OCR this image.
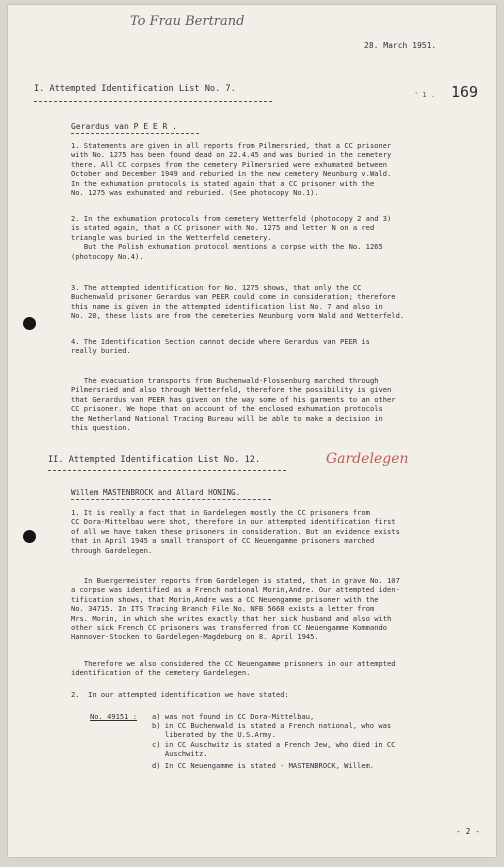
To Frau Bertrand
28. March 1951.
I. Attempted Identification List No. 7.
' 1 . 169
Gerardus van P E E R .
1. Statements are given in all reports from Pilmersried, that a CC prisoner
with No. 1275 has been found dead on 22.4.45 and was buried in the cemetery
there. All CC corpses from the cemetery Pilmersried were exhumated between
October and December 1949 and reburied in the new cemetery Neunburg v.Wald.
In the exhumation protocols is stated again that a CC prisoner with the
No. 1275 was exhumated and reburied. (See photocopy No.1).
2. In the exhumation protocols from cemetery Wetterfeld (photocopy 2 and 3)
is stated again, that a CC prisoner with No. 1275 and letter N on a red
triangle was buried in the Wetterfeld cemetery.
But the Polish exhumation protocol mentions a corpse with the No. 1265
(photocopy No.4).
3. The attempted identification for No. 1275 shows, that only the CC
Buchenwald prisoner Gerardus van PEER could come in consideration; therefore
this name is given in the attempted identification list No. 7 and also in
No. 20, these lists are from the cemeteries Neunburg vorm Wald and Wetterfeld.
4. The Identification Section cannot decide where Gerardus van PEER is
really buried.
The evacuation transports from Buchenwald-Flossenburg marched through
Pilmersried and also through Wetterfeld, therefore the possibility is given
that Gerardus van PEER has given on the way some of his garments to an other
CC prisoner. We hope that on account of the enclosed exhumation protocols
the Netherland National Tracing Bureau will be able to make a decision in
this question.
II. Attempted Identification List No. 12.	Gardelegen
Willem MASTENBROCK and Allard HONING.
1. It is really a fact that in Gardelegen mostly the CC prisoners from
CC Dora-Mittelbau were shot, therefore in our attempted identification first
of all we have taken these prisoners in consideration. But an evidence exists
that in April 1945 a small transport of CC Neuengamme prisoners marched
through Gardelegen.
In Buergermeister reports from Gardelegen is stated, that in grave No. 107
a corpse was identified as a French national Morin,Andre. Our attempted iden-
tification shows, that Morin,Andre was a CC Neuengamme prisoner with the
No. 34715. In ITS Tracing Branch File No. NFB 5668 exists a letter from
Mrs. Morin, in which she writes exactly that her sick husband and also with
other sick French CC prisoners was transferred from CC Neuengamme Kommando
Hannover-Stocken to Gardelegen-Magdeburg on 8. April 1945.
Therefore we also considered the CC Neuengamme prisoners in our attempted
identification of the cemetery Gardelegen.
2.  In our attempted identification we have stated:
No. 49151 : a) was not found in CC Dora-Mittelbau,
b) in CC Buchenwald is stated a French national, who was
liberated by the U.S.Army.
c) in CC Auschwitz is stated a French Jew, who died in CC
Auschwitz.
d) In CC Neuengamme is stated - MASTENBROCK, Willem.
- 2 -
